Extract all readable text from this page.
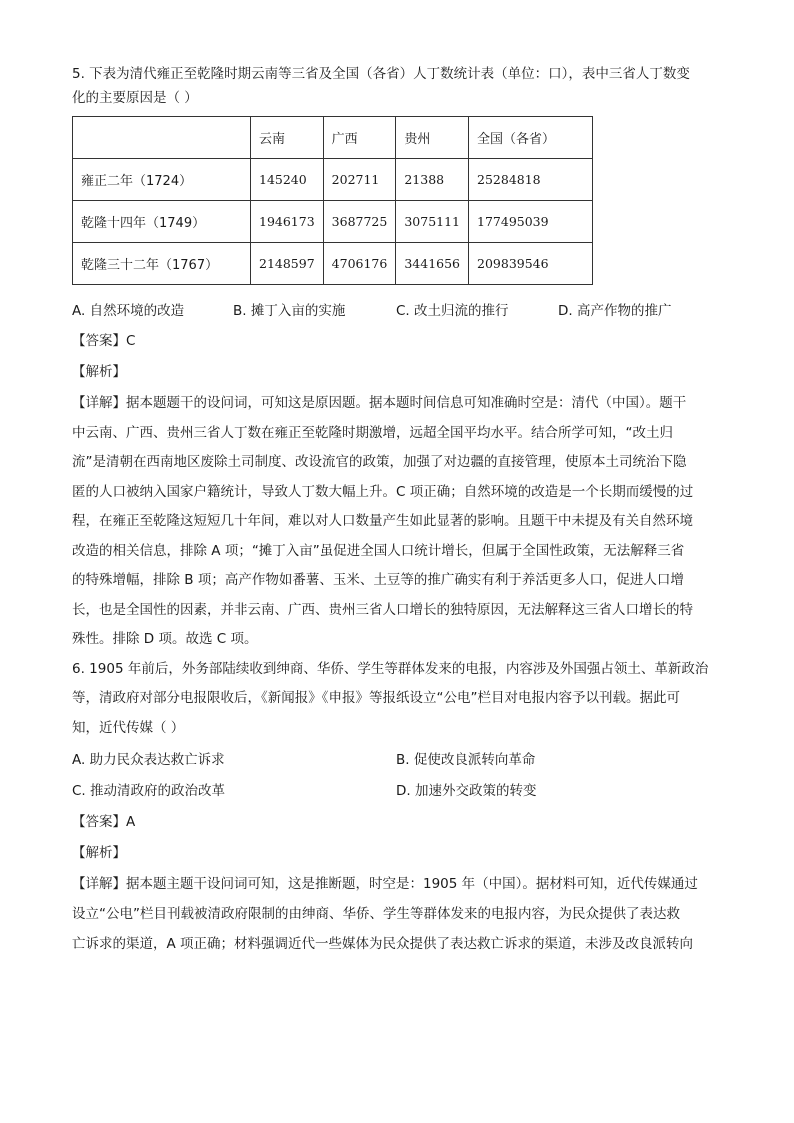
5. 下表为清代雍正至乾隆时期云南等三省及全国（各省）人丁数统计表（单位：口），表中三省人丁数变
化的主要原因是（ ）
	云南	广西	贵州	全国（各省）
雍正二年（1724）	145240	202711	21388	25284818
乾隆十四年（1749）	1946173	3687725	3075111	177495039
乾隆三十二年（1767）	2148597	4706176	3441656	209839546
A. 自然环境的改造	B. 摊丁入亩的实施	C. 改土归流的推行	D. 高产作物的推广
【答案】C
【解析】
【详解】据本题题干的设问词，可知这是原因题。据本题时间信息可知准确时空是：清代（中国）。题干
中云南、广西、贵州三省人丁数在雍正至乾隆时期激增，远超全国平均水平。结合所学可知，“改土归
流”是清朝在西南地区废除土司制度、改设流官的政策，加强了对边疆的直接管理，使原本土司统治下隐
匿的人口被纳入国家户籍统计，导致人丁数大幅上升。C 项正确；自然环境的改造是一个长期而缓慢的过
程，在雍正至乾隆这短短几十年间，难以对人口数量产生如此显著的影响。且题干中未提及有关自然环境
改造的相关信息，排除 A 项；“摊丁入亩”虽促进全国人口统计增长，但属于全国性政策，无法解释三省
的特殊增幅，排除 B 项；高产作物如番薯、玉米、土豆等的推广确实有利于养活更多人口，促进人口增
长，也是全国性的因素，并非云南、广西、贵州三省人口增长的独特原因，无法解释这三省人口增长的特
殊性。排除 D 项。故选 C 项。
6. 1905 年前后，外务部陆续收到绅商、华侨、学生等群体发来的电报，内容涉及外国强占领土、革新政治
等，清政府对部分电报限收后，《新闻报》《申报》等报纸设立“公电”栏目对电报内容予以刊载。据此可
知，近代传媒（ ）
A. 助力民众表达救亡诉求	B. 促使改良派转向革命
C. 推动清政府的政治改革	D. 加速外交政策的转变
【答案】A
【解析】
【详解】据本题主题干设问词可知，这是推断题，时空是：1905 年（中国）。据材料可知，近代传媒通过
设立“公电”栏目刊载被清政府限制的由绅商、华侨、学生等群体发来的电报内容，为民众提供了表达救
亡诉求的渠道，A 项正确；材料强调近代一些媒体为民众提供了表达救亡诉求的渠道，未涉及改良派转向
